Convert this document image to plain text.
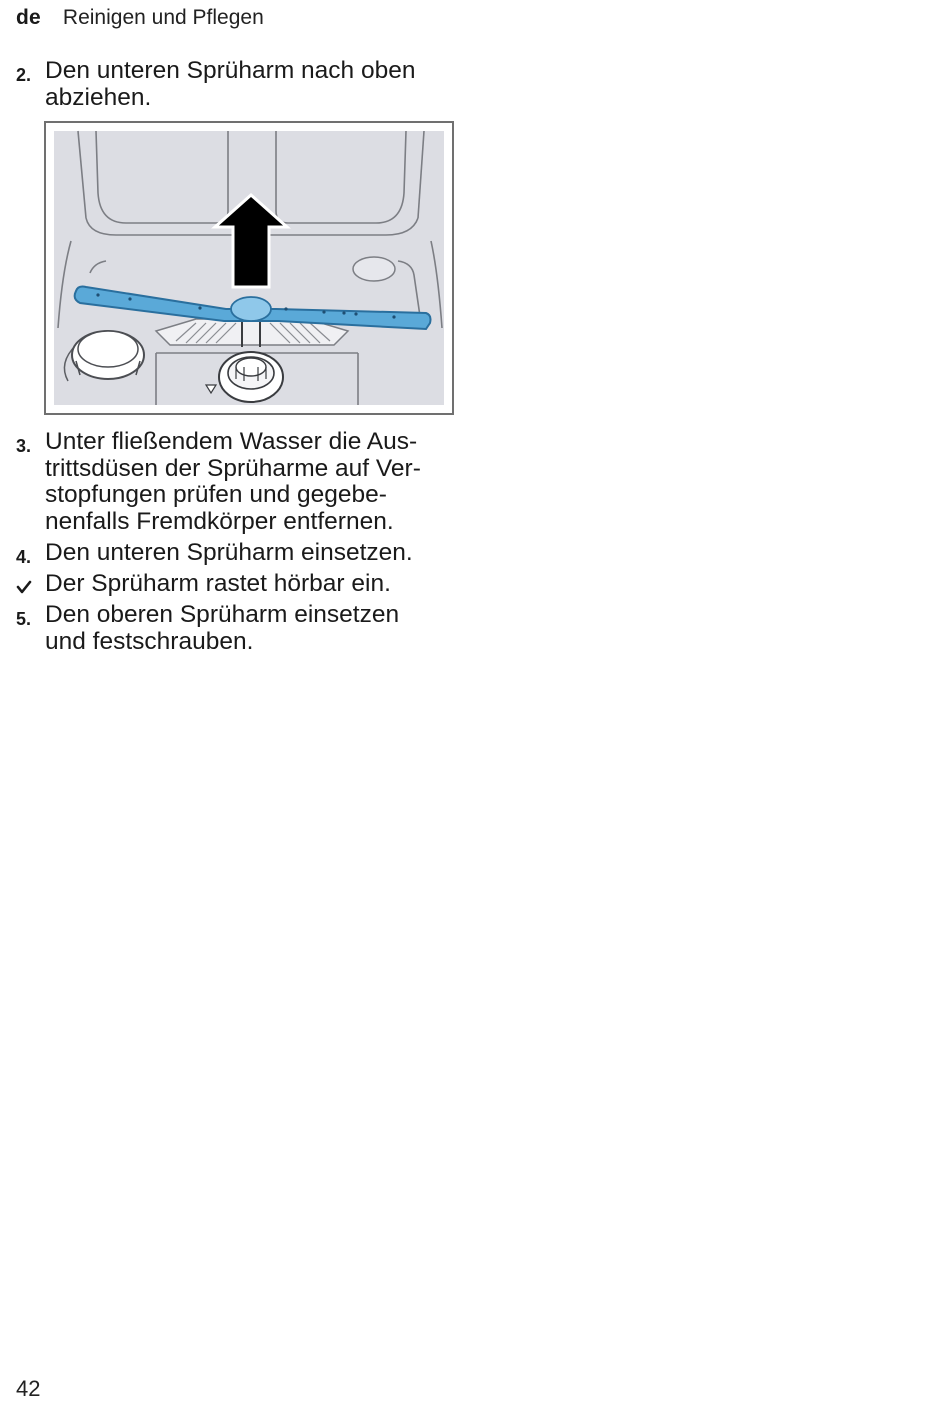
de Reinigen und Pflegen
2. Den unteren Sprüharm nach oben
abziehen.
3. Unter fließendem Wasser die Aus-
trittsdüsen der Sprüharme auf Ver-
stopfungen prüfen und gegebe-
nenfalls Fremdkörper entfernen.
4. Den unteren Sprüharm einsetzen.
Der Sprüharm rastet hörbar ein.
5. Den oberen Sprüharm einsetzen
und festschrauben.
42
